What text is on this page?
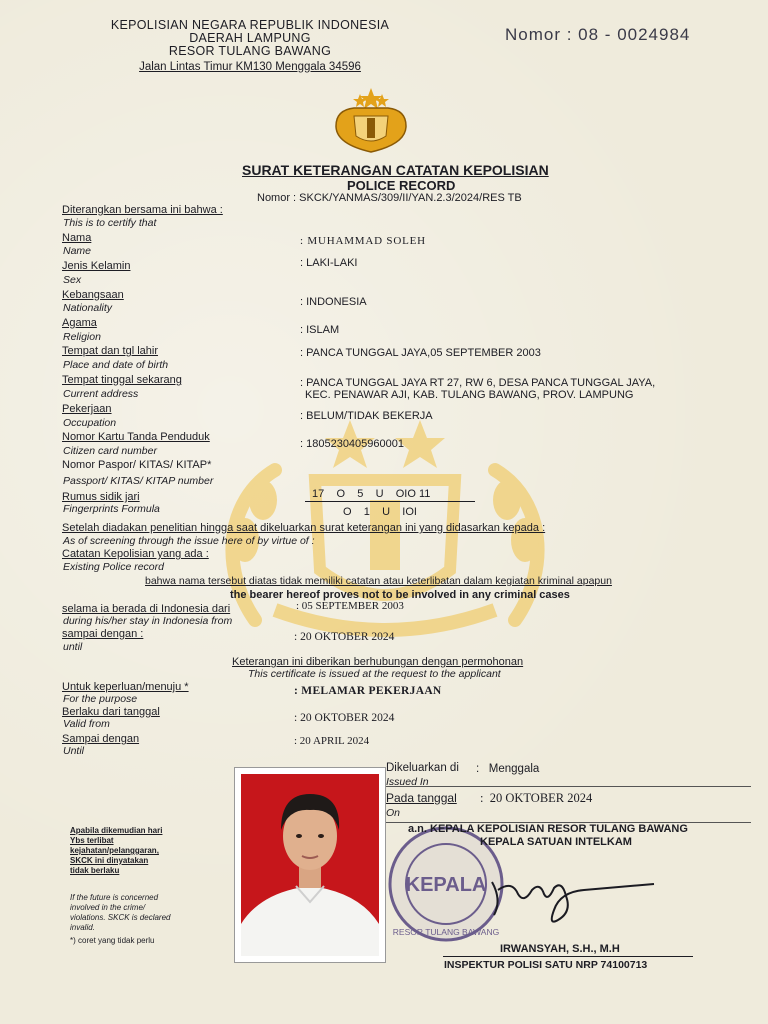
KEPOLISIAN NEGARA REPUBLIK INDONESIA
DAERAH LAMPUNG
RESOR TULANG BAWANG
Jalan Lintas Timur KM130 Menggala 34596
Nomor : 08 - 0024984
SURAT KETERANGAN CATATAN KEPOLISIAN
POLICE RECORD
Nomor : SKCK/YANMAS/309/II/YAN.2.3/2024/RES TB
Diterangkan bersama ini bahwa :
This is to certify that
Nama
Name
: MUHAMMAD SOLEH
Jenis Kelamin
Sex
: LAKI-LAKI
Kebangsaan
Nationality	: INDONESIA
Agama
Religion
: ISLAM
Tempat dan tgl lahir
Place and date of birth
: PANCA TUNGGAL JAYA,05 SEPTEMBER 2003
Tempat tinggal sekarang
Current address
: PANCA TUNGGAL JAYA RT 27, RW 6, DESA PANCA TUNGGAL JAYA,
KEC. PENAWAR AJI, KAB. TULANG BAWANG, PROV. LAMPUNG
Pekerjaan
Occupation
: BELUM/TIDAK BEKERJA
Nomor Kartu Tanda Penduduk
Citizen card number
: 1805230405960001
Nomor Paspor/ KITAS/ KITAP*
Passport/ KITAS/ KITAP number
Rumus sidik jari
Fingerprints Formula
17    O    5    U    OIO 11
O    1    U    IOI
Setelah diadakan penelitian hingga saat dikeluarkan surat keterangan ini yang didasarkan kepada :
As of screening through the issue here of by virtue of :
Catatan Kepolisian yang ada :
Existing Police record
bahwa nama tersebut diatas tidak memiliki catatan atau keterlibatan dalam kegiatan kriminal apapun
the bearer hereof proves not to be involved in any criminal cases
selama ia berada di Indonesia dari
during his/her stay in Indonesia from
: 05 SEPTEMBER 2003
sampai dengan :
until
: 20 OKTOBER 2024
Keterangan ini diberikan berhubungan dengan permohonan
This certificate is issued at the request to the applicant
Untuk keperluan/menuju *
For the purpose
: MELAMAR PEKERJAAN
Berlaku dari tanggal
Valid from	: 20 OKTOBER 2024
Sampai dengan
Until
: 20 APRIL 2024
Dikeluarkan di
Issued In
:   Menggala
Pada tanggal
On
:  20 OKTOBER 2024
KEPALA
RESOR TULANG BAWANG
a.n. KEPALA KEPOLISIAN RESOR TULANG BAWANG
KEPALA SATUAN INTELKAM
IRWANSYAH, S.H., M.H
INSPEKTUR POLISI SATU NRP 74100713
Apabila dikemudian hari
Ybs terlibat
kejahatan/pelanggaran,
SKCK ini dinyatakan
tidak berlaku
If the future is concerned
involved in the crime/
violations. SKCK is declared
invalid.
*) coret yang tidak perlu
